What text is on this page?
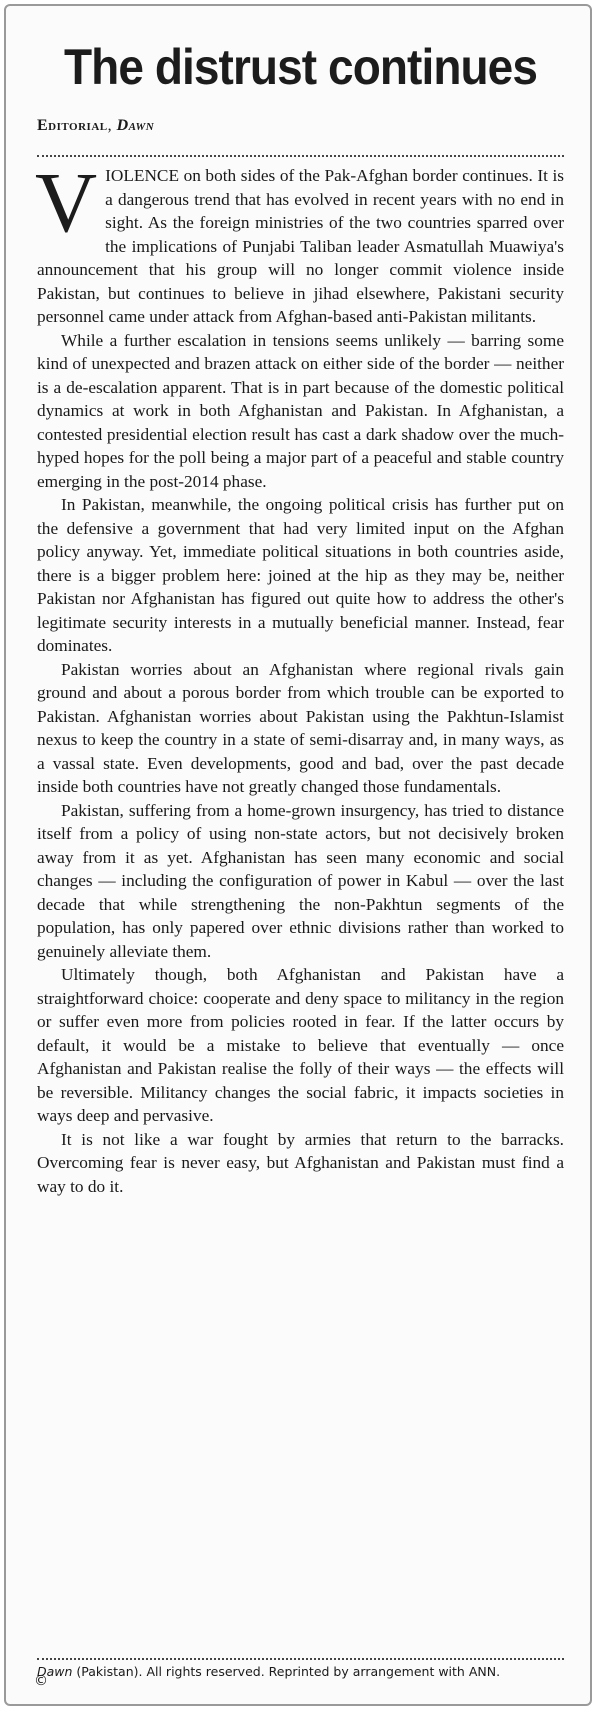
The distrust continues
Editorial, Dawn

VIOLENCE on both sides of the Pak-Afghan border continues. It is a dangerous trend that has evolved in recent years with no end in sight. As the foreign ministries of the two countries sparred over the implications of Punjabi Taliban leader Asmatullah Muawiya's announcement that his group will no longer commit violence inside Pakistan, but continues to believe in jihad elsewhere, Pakistani security personnel came under attack from Afghan-based anti-Pakistan militants.

While a further escalation in tensions seems unlikely — barring some kind of unexpected and brazen attack on either side of the border — neither is a de-escalation apparent. That is in part because of the domestic political dynamics at work in both Afghanistan and Pakistan. In Afghanistan, a contested presidential election result has cast a dark shadow over the much-hyped hopes for the poll being a major part of a peaceful and stable country emerging in the post-2014 phase.

In Pakistan, meanwhile, the ongoing political crisis has further put on the defensive a government that had very limited input on the Afghan policy anyway. Yet, immediate political situations in both countries aside, there is a bigger problem here: joined at the hip as they may be, neither Pakistan nor Afghanistan has figured out quite how to address the other's legitimate security interests in a mutually beneficial manner. Instead, fear dominates.

Pakistan worries about an Afghanistan where regional rivals gain ground and about a porous border from which trouble can be exported to Pakistan. Afghanistan worries about Pakistan using the Pakhtun-Islamist nexus to keep the country in a state of semi-disarray and, in many ways, as a vassal state. Even developments, good and bad, over the past decade inside both countries have not greatly changed those fundamentals.

Pakistan, suffering from a home-grown insurgency, has tried to distance itself from a policy of using non-state actors, but not decisively broken away from it as yet. Afghanistan has seen many economic and social changes — including the configuration of power in Kabul — over the last decade that while strengthening the non-Pakhtun segments of the population, has only papered over ethnic divisions rather than worked to genuinely alleviate them.

Ultimately though, both Afghanistan and Pakistan have a straightforward choice: cooperate and deny space to militancy in the region or suffer even more from policies rooted in fear. If the latter occurs by default, it would be a mistake to believe that eventually — once Afghanistan and Pakistan realise the folly of their ways — the effects will be reversible. Militancy changes the social fabric, it impacts societies in ways deep and pervasive.

It is not like a war fought by armies that return to the barracks. Overcoming fear is never easy, but Afghanistan and Pakistan must find a way to do it.

©
Dawn (Pakistan). All rights reserved. Reprinted by arrangement with ANN.
